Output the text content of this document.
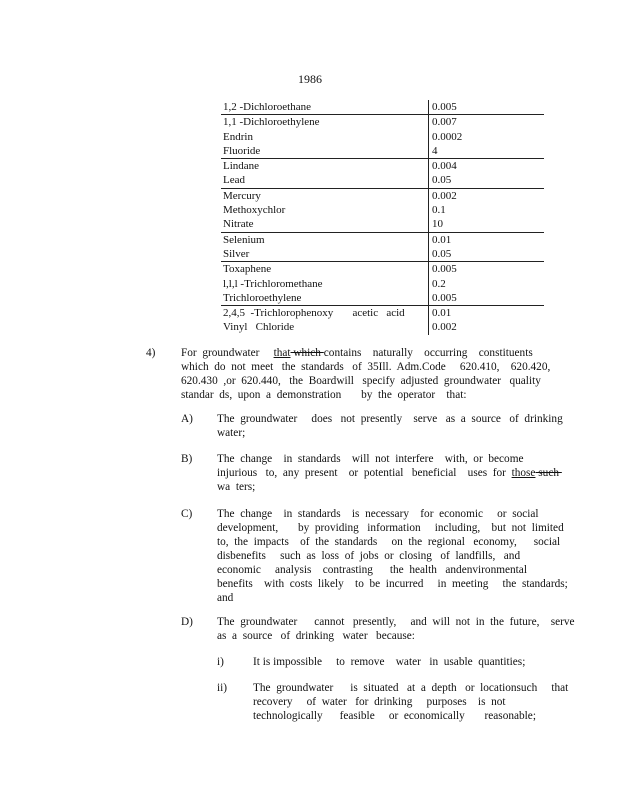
1986
1,2 -Dichloroethane	0.005
1,1 -Dichloroethylene	0.007
Endrin	0.0002
Fluoride	4
Lindane	0.004
Lead	0.05
Mercury	0.002
Methoxychlor	0.1
Nitrate	10
Selenium	0.01
Silver	0.05
Toxaphene	0.005
l,l,l -Trichloromethane	0.2
Trichloroethylene	0.005
2,4,5  -Trichlorophenoxy       acetic   acid 0.01
Vinyl   Chloride	0.002
4) For  groundwater     that which contains    naturally    occurring    constituents
which  do  not  meet   the  standards   of  35Ill.  Adm.Code     620.410,    620.420,
620.430  ,or  620.440,   the  Boardwill   specify  adjusted  groundwater   quality
standar  ds,  upon  a  demonstration       by  the  operator    that:
A) The  groundwater     does   not  presently    serve   as  a  source   of  drinking
water;
B) The  change    in  standards    will  not  interfere    with,  or  become
injurious   to,  any  present    or  potential   beneficial    uses  for  those such
wa  ters;
C) The  change    in  standards    is  necessary    for  economic     or  social
development,       by  providing   information     including,    but  not  limited
to,  the  impacts    of  the  standards     on  the  regional   economy,      social
disbenefits     such  as  loss  of  jobs  or  closing   of  landfills,   and
economic     analysis    contrasting      the  health   andenvironmental
benefits    with  costs  likely    to  be  incurred     in  meeting     the  standards;
and
D) The  groundwater      cannot   presently,     and  will  not  in  the  future,    serve
as  a  source   of  drinking   water   because:
i)	It is impossible     to  remove    water   in  usable  quantities;
ii) The  groundwater      is  situated   at  a  depth   or  locationsuch     that
recovery     of  water   for  drinking     purposes    is  not
technologically      feasible     or  economically       reasonable;
